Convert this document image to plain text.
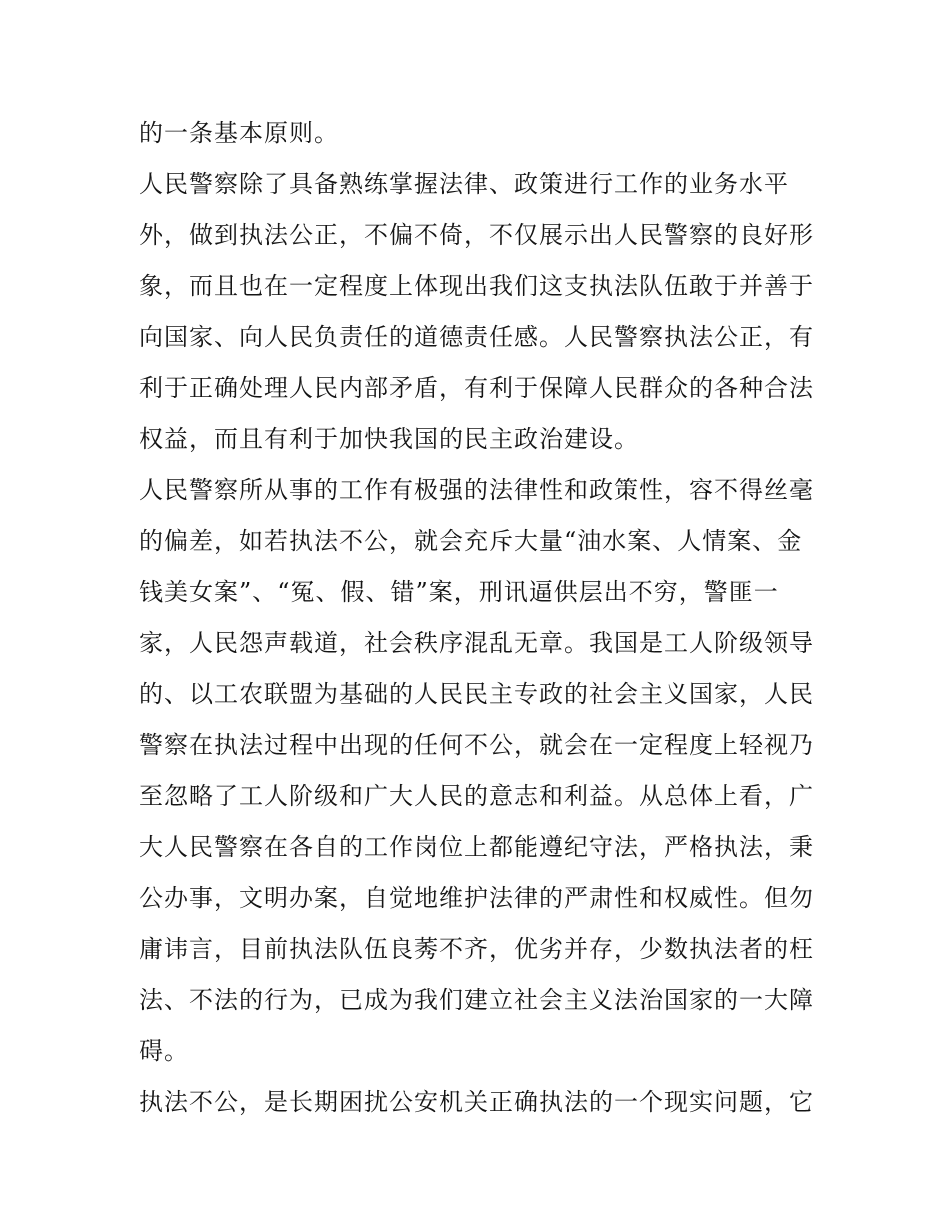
的一条基本原则。
人民警察除了具备熟练掌握法律、政策进行工作的业务水平
外，做到执法公正，不偏不倚，不仅展示出人民警察的良好形
象，而且也在一定程度上体现出我们这支执法队伍敢于并善于
向国家、向人民负责任的道德责任感。人民警察执法公正，有
利于正确处理人民内部矛盾，有利于保障人民群众的各种合法
权益，而且有利于加快我国的民主政治建设。
人民警察所从事的工作有极强的法律性和政策性，容不得丝毫
的偏差，如若执法不公，就会充斥大量“油水案、人情案、金
钱美女案”、“冤、假、错”案，刑讯逼供层出不穷，警匪一
家，人民怨声载道，社会秩序混乱无章。我国是工人阶级领导
的、以工农联盟为基础的人民民主专政的社会主义国家，人民
警察在执法过程中出现的任何不公，就会在一定程度上轻视乃
至忽略了工人阶级和广大人民的意志和利益。从总体上看，广
大人民警察在各自的工作岗位上都能遵纪守法，严格执法，秉
公办事，文明办案，自觉地维护法律的严肃性和权威性。但勿
庸讳言，目前执法队伍良莠不齐，优劣并存，少数执法者的枉
法、不法的行为，已成为我们建立社会主义法治国家的一大障
碍。
执法不公，是长期困扰公安机关正确执法的一个现实问题，它
